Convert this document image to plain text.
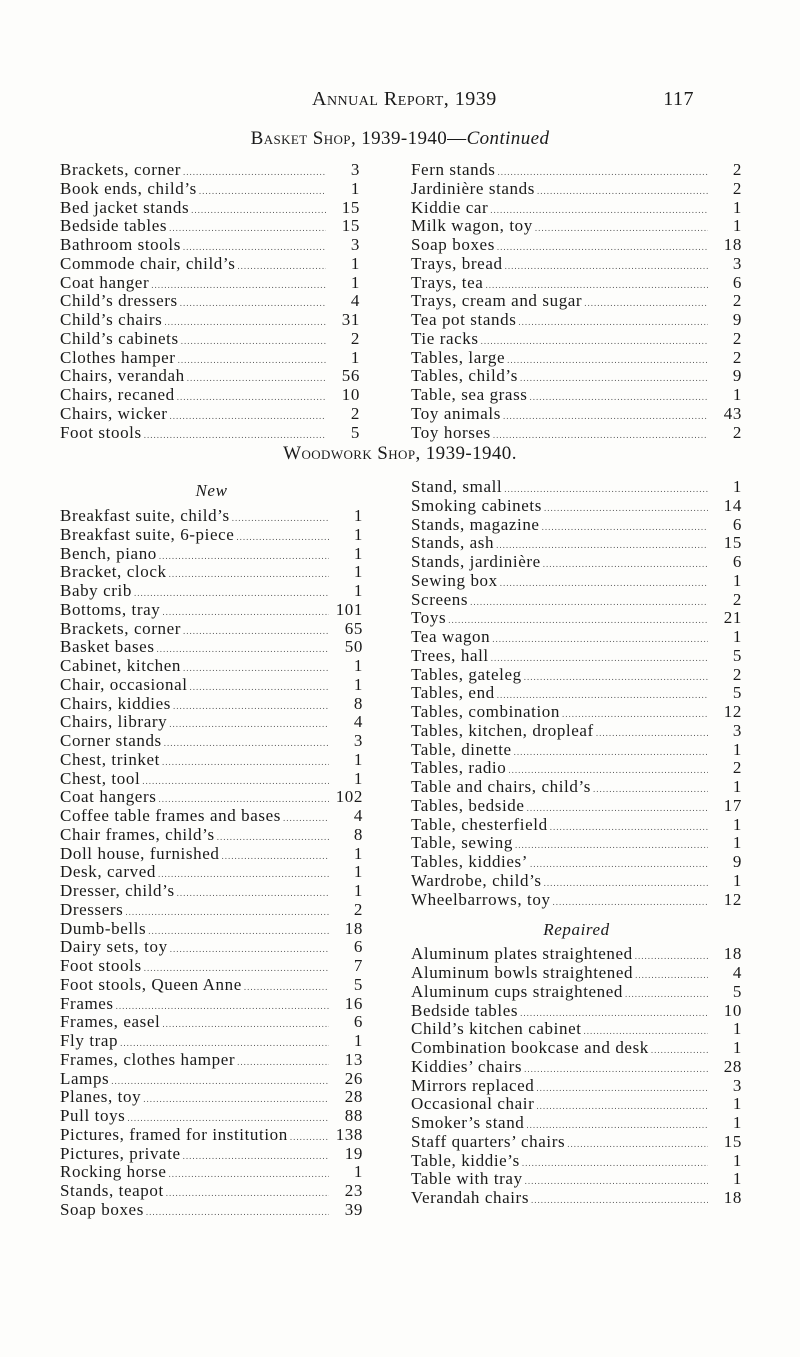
Annual Report, 1939	117
Basket Shop, 1939-1940—Continued
Brackets, corner .....	3
Book ends, child’s .....	1
Bed jacket stands .....	15
Bedside tables .....	15
Bathroom stools .....	3
Commode chair, child’s .....	1
Coat hanger .....	1
Child’s dressers .....	4
Child’s chairs .....	31
Child’s cabinets .....	2
Clothes hamper .....	1
Chairs, verandah .....	56
Chairs, recaned .....	10
Chairs, wicker .....	2
Foot stools .....	5
Fern stands .....	2
Jardinière stands .....	2
Kiddie car .....	1
Milk wagon, toy .....	1
Soap boxes .....	18
Trays, bread .....	3
Trays, tea .....	6
Trays, cream and sugar .....	2
Tea pot stands .....	9
Tie racks .....	2
Tables, large .....	2
Tables, child’s .....	9
Table, sea grass .....	1
Toy animals .....	43
Toy horses .....	2
Woodwork Shop, 1939-1940.
New
Breakfast suite, child’s .....	1
Breakfast suite, 6-piece .....	1
Bench, piano .....	1
Bracket, clock .....	1
Baby crib .....	1
Bottoms, tray .....	101
Brackets, corner .....	65
Basket bases .....	50
Cabinet, kitchen .....	1
Chair, occasional .....	1
Chairs, kiddies .....	8
Chairs, library .....	4
Corner stands .....	3
Chest, trinket .....	1
Chest, tool .....	1
Coat hangers .....	102
Coffee table frames and bases .....	4
Chair frames, child’s .....	8
Doll house, furnished .....	1
Desk, carved .....	1
Dresser, child’s .....	1
Dressers .....	2
Dumb-bells .....	18
Dairy sets, toy .....	6
Foot stools .....	7
Foot stools, Queen Anne .....	5
Frames .....	16
Frames, easel .....	6
Fly trap .....	1
Frames, clothes hamper .....	13
Lamps .....	26
Planes, toy .....	28
Pull toys .....	88
Pictures, framed for institution .....	138
Pictures, private .....	19
Rocking horse .....	1
Stands, teapot .....	23
Soap boxes .....	39
Stand, small .....	1
Smoking cabinets .....	14
Stands, magazine .....	6
Stands, ash .....	15
Stands, jardinière .....	6
Sewing box .....	1
Screens .....	2
Toys .....	21
Tea wagon .....	1
Trees, hall .....	5
Tables, gateleg .....	2
Tables, end .....	5
Tables, combination .....	12
Tables, kitchen, dropleaf .....	3
Table, dinette .....	1
Tables, radio .....	2
Table and chairs, child’s .....	1
Tables, bedside .....	17
Table, chesterfield .....	1
Table, sewing .....	1
Tables, kiddies’ .....	9
Wardrobe, child’s .....	1
Wheelbarrows, toy .....	12
Repaired
Aluminum plates straightened .....	18
Aluminum bowls straightened .....	4
Aluminum cups straightened .....	5
Bedside tables .....	10
Child’s kitchen cabinet .....	1
Combination bookcase and desk .....	1
Kiddies’ chairs .....	28
Mirrors replaced .....	3
Occasional chair .....	1
Smoker’s stand .....	1
Staff quarters’ chairs .....	15
Table, kiddie’s .....	1
Table with tray .....	1
Verandah chairs .....	18
